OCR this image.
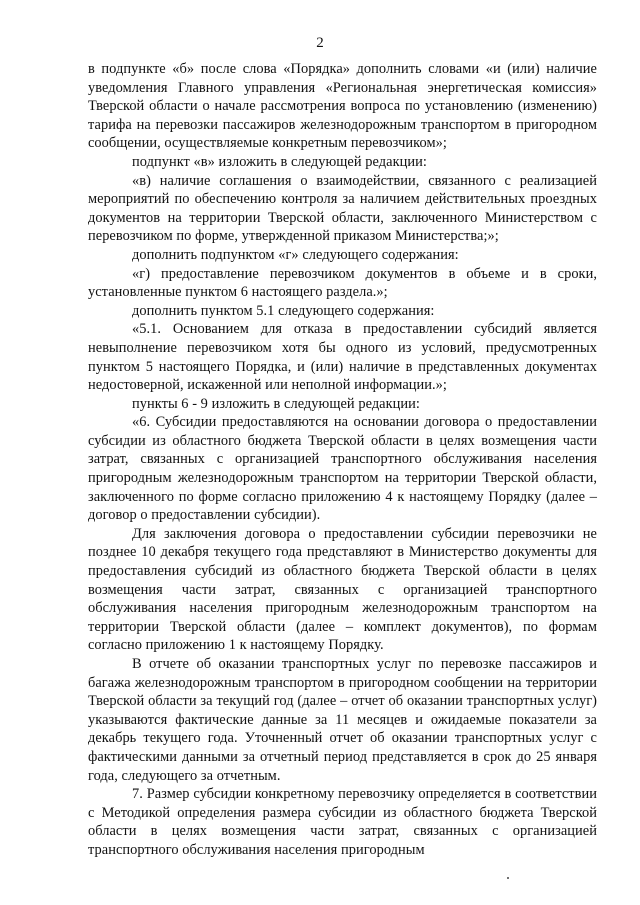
2

в подпункте «б» после слова «Порядка» дополнить словами «и (или) наличие уведомления Главного управления «Региональная энергетическая комиссия» Тверской области о начале рассмотрения вопроса по установлению (изменению) тарифа на перевозки пассажиров железнодорожным транспортом в пригородном сообщении, осуществляемые конкретным перевозчиком»;

подпункт «в» изложить в следующей редакции:

«в) наличие соглашения о взаимодействии, связанного с реализацией мероприятий по обеспечению контроля за наличием действительных проездных документов на территории Тверской области, заключенного Министерством с перевозчиком по форме, утвержденной приказом Министерства;»;

дополнить подпунктом «г» следующего содержания:

«г) предоставление перевозчиком документов в объеме и в сроки, установленные пунктом 6 настоящего раздела.»;

дополнить пунктом 5.1 следующего содержания:

«5.1. Основанием для отказа в предоставлении субсидий является невыполнение перевозчиком хотя бы одного из условий, предусмотренных пунктом 5 настоящего Порядка, и (или) наличие в представленных документах недостоверной, искаженной или неполной информации.»;

пункты 6 - 9 изложить в следующей редакции:

«6. Субсидии предоставляются на основании договора о предоставлении субсидии из областного бюджета Тверской области в целях возмещения части затрат, связанных с организацией транспортного обслуживания населения пригородным железнодорожным транспортом на территории Тверской области, заключенного по форме согласно приложению 4 к настоящему Порядку (далее – договор о предоставлении субсидии).

Для заключения договора о предоставлении субсидии перевозчики не позднее 10 декабря текущего года представляют в Министерство документы для предоставления субсидий из областного бюджета Тверской области в целях возмещения части затрат, связанных с организацией транспортного обслуживания населения пригородным железнодорожным транспортом на территории Тверской области (далее – комплект документов), по формам согласно приложению 1 к настоящему Порядку.

В отчете об оказании транспортных услуг по перевозке пассажиров и багажа железнодорожным транспортом в пригородном сообщении на территории Тверской области за текущий год (далее – отчет об оказании транспортных услуг) указываются фактические данные за 11 месяцев и ожидаемые показатели за декабрь текущего года. Уточненный отчет об оказании транспортных услуг с фактическими данными за отчетный период представляется в срок до 25 января года, следующего за отчетным.

7. Размер субсидии конкретному перевозчику определяется в соответствии с Методикой определения размера субсидии из областного бюджета Тверской области в целях возмещения части затрат, связанных с организацией транспортного обслуживания населения пригородным
